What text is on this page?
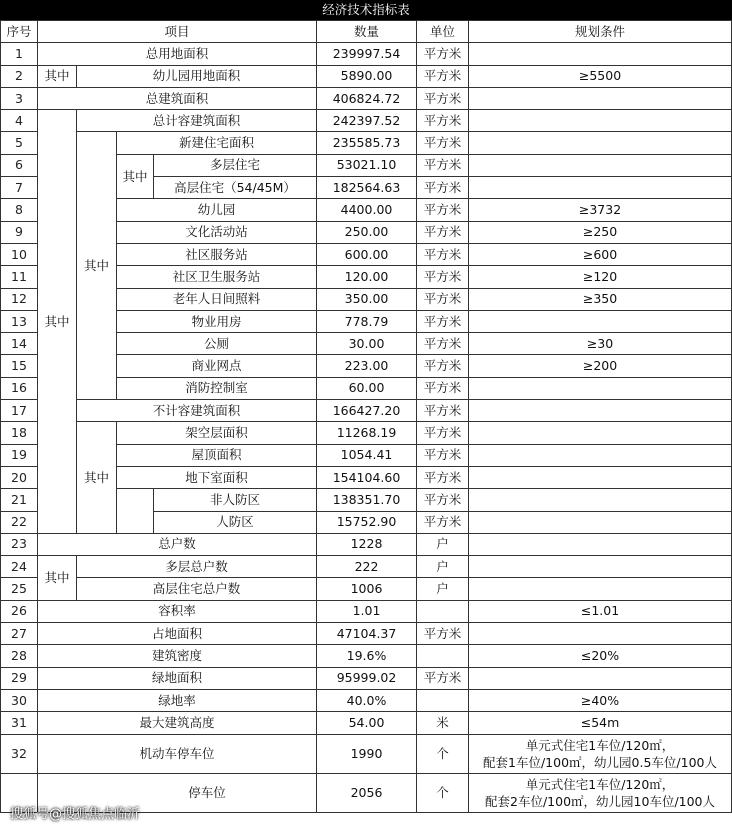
经济技术指标表
序号	项目				数量	单位	规划条件
1	总用地面积				239997.54	平方米	
2	其中	幼儿园用地面积			5890.00	平方米	≥5500
3	总建筑面积				406824.72	平方米	
4	其中	总计容建筑面积			242397.52	平方米	
5		其中	新建住宅面积		235585.73	平方米	
6			其中	多层住宅	53021.10	平方米	
7				高层住宅（54/45M）	182564.63	平方米	
8			幼儿园		4400.00	平方米	≥3732
9			文化活动站		250.00	平方米	≥250
10			社区服务站		600.00	平方米	≥600
11			社区卫生服务站		120.00	平方米	≥120
12			老年人日间照料		350.00	平方米	≥350
13			物业用房		778.79	平方米	
14			公厕		30.00	平方米	≥30
15			商业网点		223.00	平方米	≥200
16			消防控制室		60.00	平方米	
17		不计容建筑面积			166427.20	平方米	
18		其中	架空层面积		11268.19	平方米	
19			屋顶面积		1054.41	平方米	
20			地下室面积		154104.60	平方米	
21				非人防区	138351.70	平方米	
22				人防区	15752.90	平方米	
23	总户数				1228	户	
24	其中	多层总户数			222	户	
25		高层住宅总户数			1006	户	
26	容积率				1.01		≤1.01
27	占地面积				47104.37	平方米	
28	建筑密度				19.6%		≤20%
29	绿地面积				95999.02	平方米	
30	绿地率				40.0%		≥40%
31	最大建筑高度				54.00	米	≤54m
32	机动车停车位				1990	个	单元式住宅1车位/120㎡，
配套1车位/100㎡，幼儿园0.5车位/100人

	停车位				2056	个	单元式住宅1车位/120㎡，
配套2车位/100㎡，幼儿园10车位/100人
搜狐号@搜狐焦点临沂
